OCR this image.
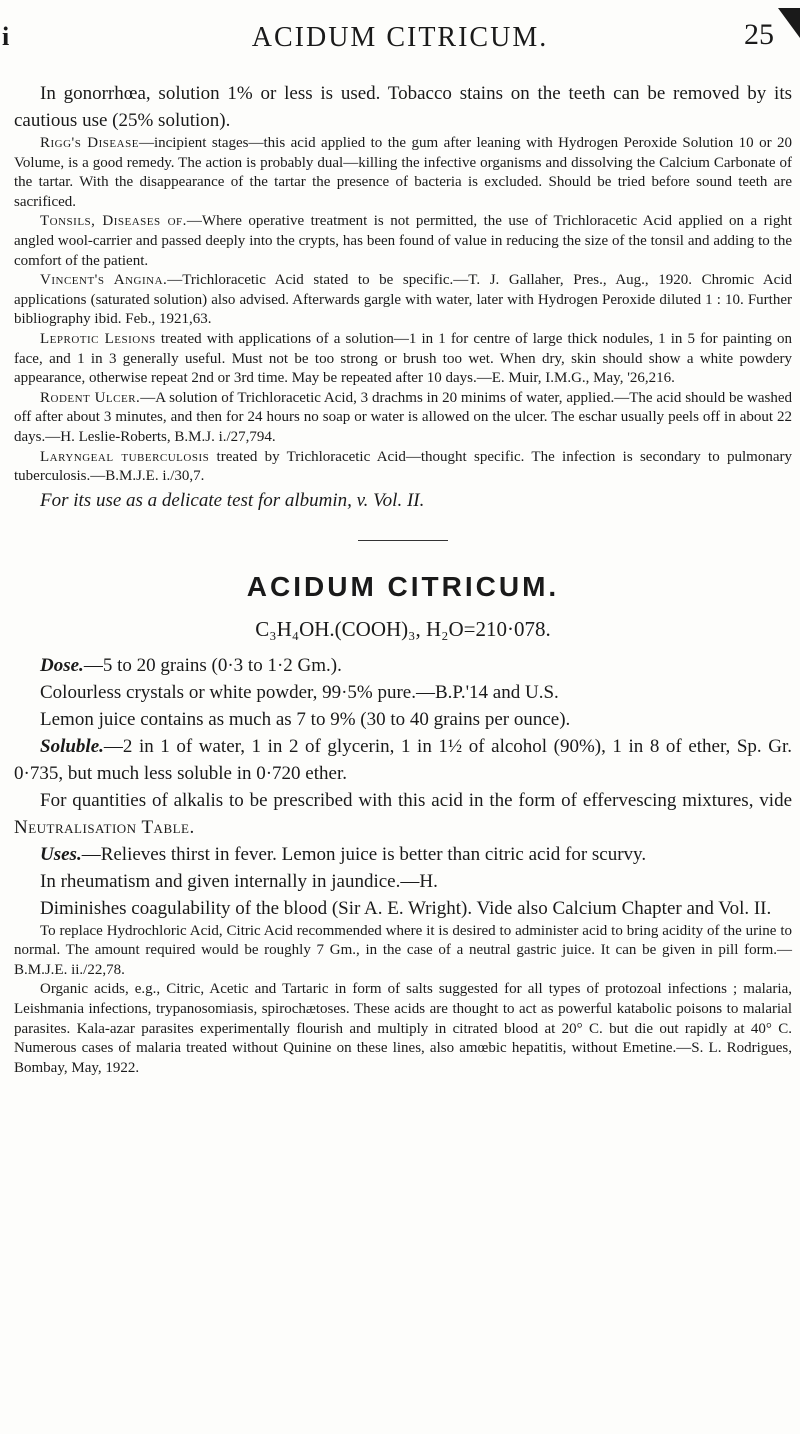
i	ACIDUM CITRICUM.	25

In gonorrhœa, solution 1% or less is used. Tobacco stains on the teeth can be removed by its cautious use (25% solution).

Rigg's Disease—incipient stages—this acid applied to the gum after leaning with Hydrogen Peroxide Solution 10 or 20 Volume, is a good remedy. The action is probably dual—killing the infective organisms and dissolving the Calcium Carbonate of the tartar. With the disappearance of the tartar the presence of bacteria is excluded. Should be tried before sound teeth are sacrificed.

Tonsils, Diseases of.—Where operative treatment is not permitted, the use of Trichloracetic Acid applied on a right angled wool-carrier and passed deeply into the crypts, has been found of value in reducing the size of the tonsil and adding to the comfort of the patient.

Vincent's Angina.—Trichloracetic Acid stated to be specific.—T. J. Gallaher, Pres., Aug., 1920. Chromic Acid applications (saturated solution) also advised. Afterwards gargle with water, later with Hydrogen Peroxide diluted 1 : 10. Further bibliography ibid. Feb., 1921,63.

Leprotic Lesions treated with applications of a solution—1 in 1 for centre of large thick nodules, 1 in 5 for painting on face, and 1 in 3 generally useful. Must not be too strong or brush too wet. When dry, skin should show a white powdery appearance, otherwise repeat 2nd or 3rd time. May be repeated after 10 days.—E. Muir, I.M.G., May, '26,216.

Rodent Ulcer.—A solution of Trichloracetic Acid, 3 drachms in 20 minims of water, applied.—The acid should be washed off after about 3 minutes, and then for 24 hours no soap or water is allowed on the ulcer. The eschar usually peels off in about 22 days.—H. Leslie-Roberts, B.M.J. i./27,794.

Laryngeal tuberculosis treated by Trichloracetic Acid—thought specific. The infection is secondary to pulmonary tuberculosis.—B.M.J.E. i./30,7.

For its use as a delicate test for albumin, v. Vol. II.

ACIDUM CITRICUM.
C₃H₄OH.(COOH)₃, H₂O=210·078.

Dose.—5 to 20 grains (0·3 to 1·2 Gm.).

Colourless crystals or white powder, 99·5% pure.—B.P.'14 and U.S.

Lemon juice contains as much as 7 to 9% (30 to 40 grains per ounce).

Soluble.—2 in 1 of water, 1 in 2 of glycerin, 1 in 1½ of alcohol (90%), 1 in 8 of ether, Sp. Gr. 0·735, but much less soluble in 0·720 ether.

For quantities of alkalis to be prescribed with this acid in the form of effervescing mixtures, vide Neutralisation Table.

Uses.—Relieves thirst in fever. Lemon juice is better than citric acid for scurvy.

In rheumatism and given internally in jaundice.—H.

Diminishes coagulability of the blood (Sir A. E. Wright). Vide also Calcium Chapter and Vol. II.

To replace Hydrochloric Acid, Citric Acid recommended where it is desired to administer acid to bring acidity of the urine to normal. The amount required would be roughly 7 Gm., in the case of a neutral gastric juice. It can be given in pill form.—B.M.J.E. ii./22,78.

Organic acids, e.g., Citric, Acetic and Tartaric in form of salts suggested for all types of protozoal infections ; malaria, Leishmania infections, trypanosomiasis, spirochætoses. These acids are thought to act as powerful katabolic poisons to malarial parasites. Kala-azar parasites experimentally flourish and multiply in citrated blood at 20° C. but die out rapidly at 40° C. Numerous cases of malaria treated without Quinine on these lines, also amœbic hepatitis, without Emetine.—S. L. Rodrigues, Bombay, May, 1922.
